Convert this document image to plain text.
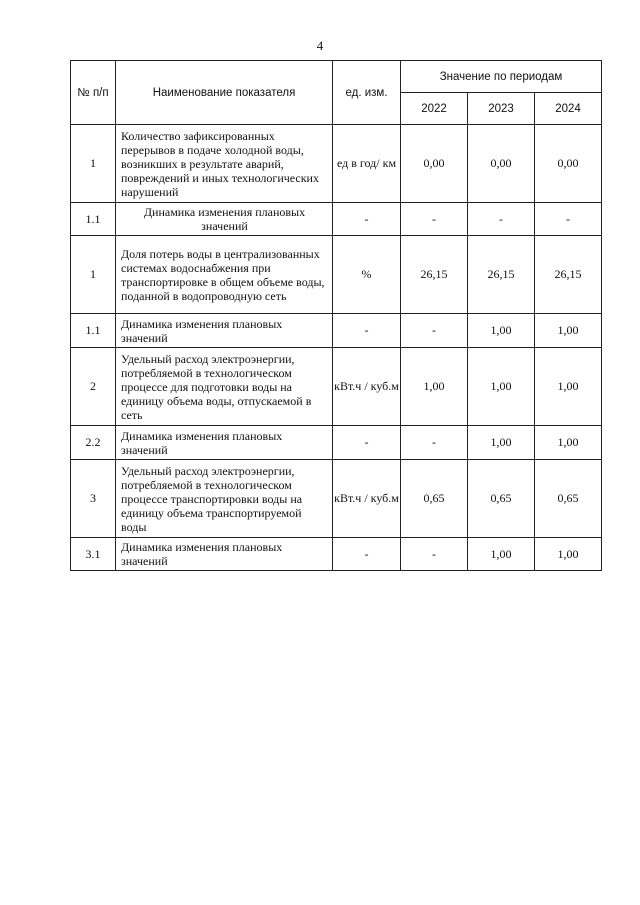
4
№ п/п	Наименование показателя	ед. изм.	Значение по периодам		
			2022	2023	2024
1	Количество зафиксированных перерывов в подаче холодной воды, возникших в результате аварий, повреждений и иных технологических нарушений	ед в год/ км	0,00	0,00	0,00
1.1	Динамика изменения плановых значений	-	-	-	-
1	Доля потерь воды в централизованных системах водоснабжения при транспортировке в общем объеме воды, поданной в водопроводную сеть	%	26,15	26,15	26,15
1.1	Динамика изменения плановых значений	-	-	1,00	1,00
2	Удельный расход электроэнергии, потребляемой в технологическом процессе для подготовки воды на единицу объема воды, отпускаемой в сеть	кВт.ч / куб.м	1,00	1,00	1,00
2.2	Динамика изменения плановых значений	-	-	1,00	1,00
3	Удельный расход электроэнергии, потребляемой в технологическом процессе транспортировки воды на единицу объема транспортируемой воды	кВт.ч / куб.м	0,65	0,65	0,65
3.1	Динамика изменения плановых значений	-	-	1,00	1,00
